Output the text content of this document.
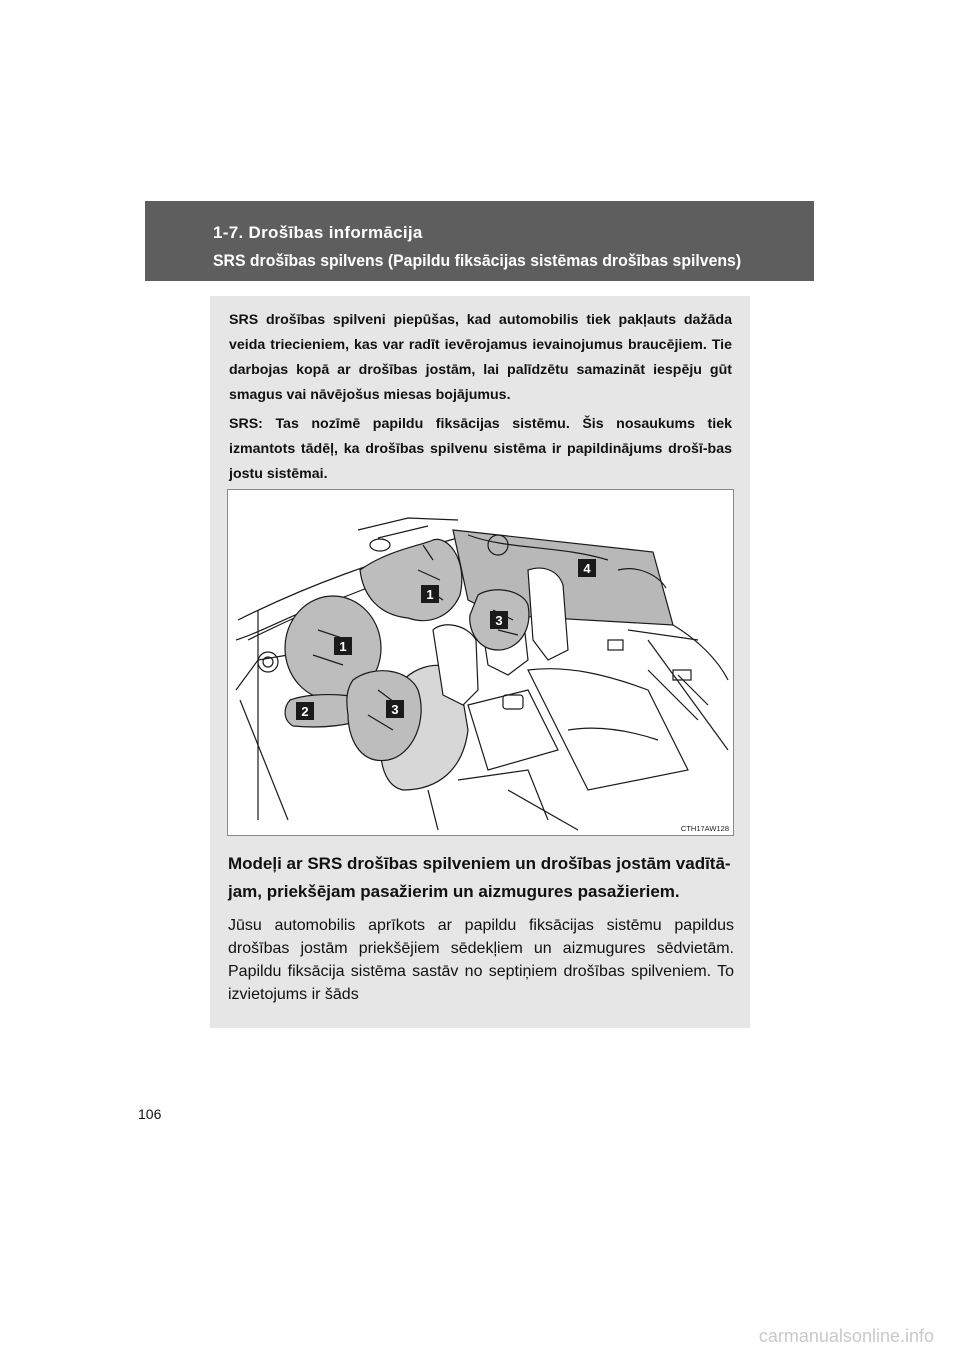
1-7. Drošības informācija
SRS drošības spilvens (Papildu fiksācijas sistēmas drošības spilvens)

SRS drošības spilveni piepūšas, kad automobilis tiek pakļauts dažāda veida triecieniem, kas var radīt ievērojamus ievainojumus braucējiem. Tie darbojas kopā ar drošības jostām, lai palīdzētu samazināt iespēju gūt smagus vai nāvējošus miesas bojājumus.

SRS: Tas nozīmē papildu fiksācijas sistēmu. Šis nosaukums tiek izmantots tādēļ, ka drošības spilvenu sistēma ir papildinājums drošī-bas jostu sistēmai.

1
1
2	3
3
4
CTH17AW128

Modeļi ar SRS drošības spilveniem un drošības jostām vadītā-jam, priekšējam pasažierim un aizmugures pasažieriem.

Jūsu automobilis aprīkots ar papildu fiksācijas sistēmu papildus drošības jostām priekšējiem sēdekļiem un aizmugures sēdvietām. Papildu fiksācija sistēma sastāv no septiņiem drošības spilveniem. To izvietojums ir šāds

106
carmanualsonline.info
